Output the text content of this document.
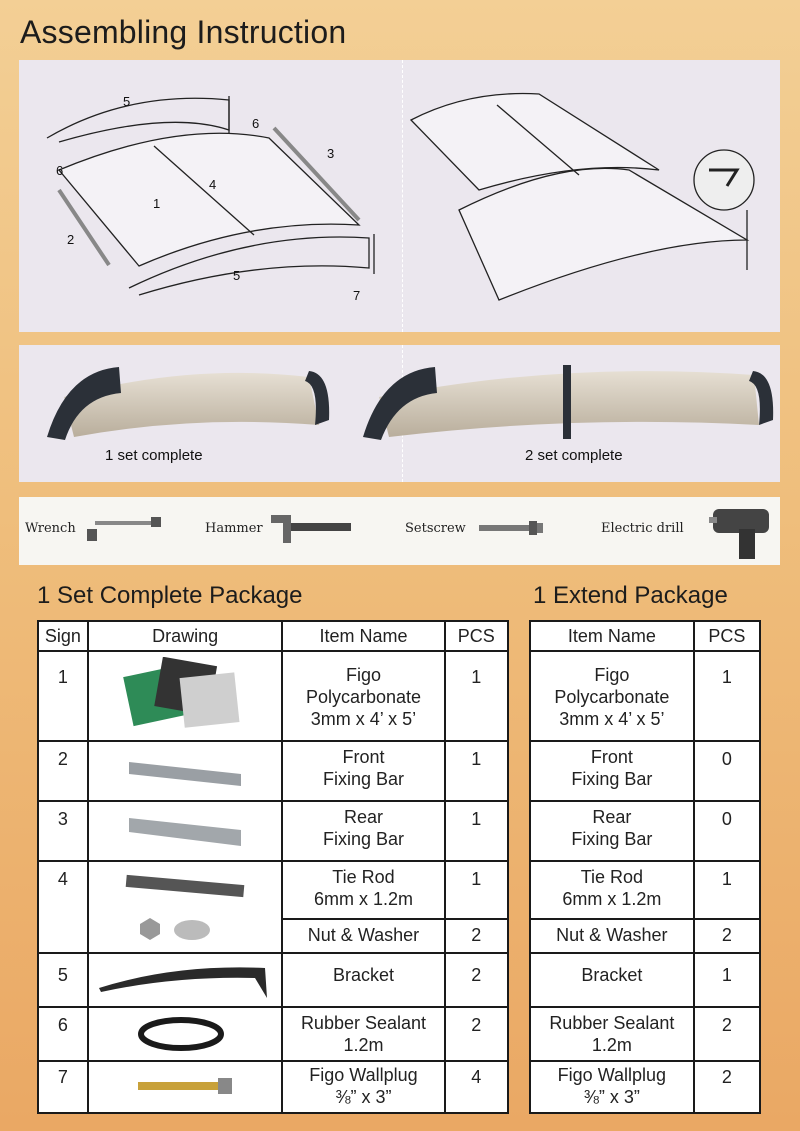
Assembling Instruction
5
6
3
1
4
2
6
5
7
1 set complete	2 set complete
Wrench	Hammer	Setscrew	Electric drill
1 Set Complete Package	1 Extend Package
Sign	Drawing	Item Name	PCS

1		Figo
Polycarbonate
3mm x 4’ x 5’	1

2		Front
Fixing Bar	1

3		Rear
Fixing Bar	1

4		Tie Rod
6mm x 1.2m	1

		Nut & Washer	2

5		Bracket	2

6		Rubber Sealant
1.2m	2

7		Figo Wallplug
⅜” x 3”	4
Item Name	PCS

Figo
Polycarbonate
3mm x 4’ x 5’	1

Front
Fixing Bar	0

Rear
Fixing Bar	0

Tie Rod
6mm x 1.2m	1

Nut & Washer	2

Bracket	1

Rubber Sealant
1.2m	2

Figo Wallplug
⅜” x 3”	2
